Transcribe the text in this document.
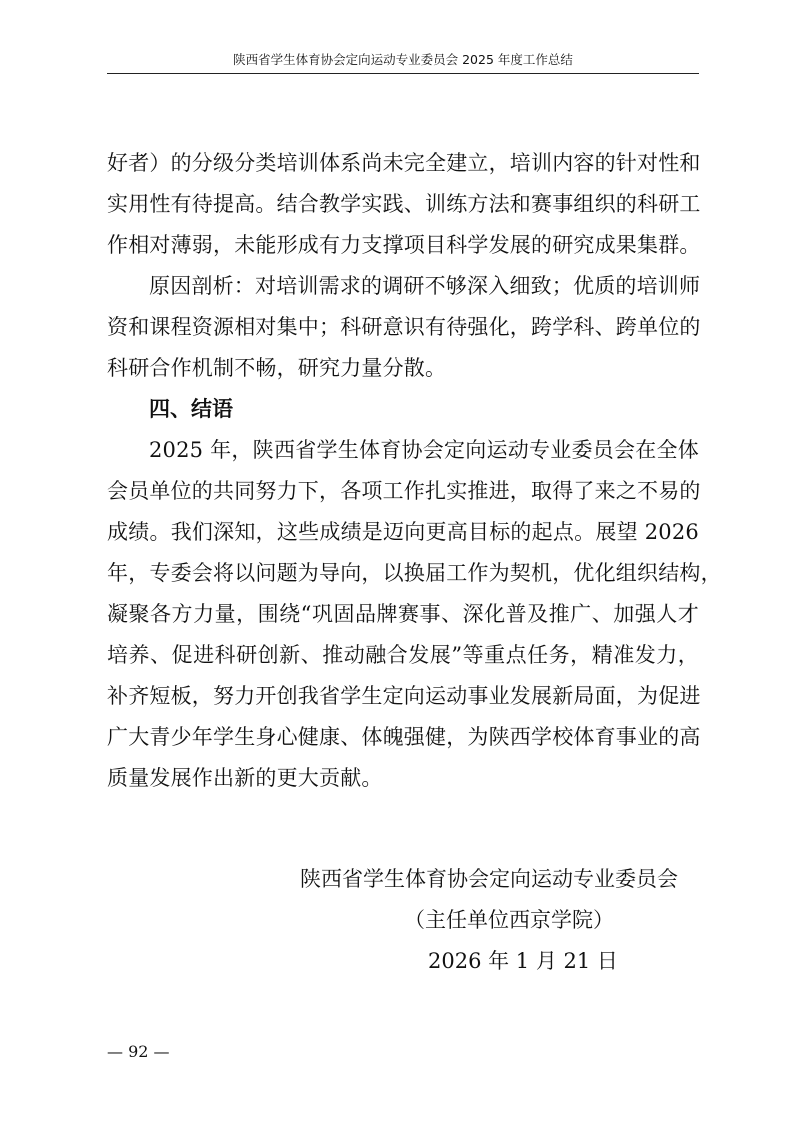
陕西省学生体育协会定向运动专业委员会 2025 年度工作总结
好者）的分级分类培训体系尚未完全建立，培训内容的针对性和
实用性有待提高。结合教学实践、训练方法和赛事组织的科研工
作相对薄弱，未能形成有力支撑项目科学发展的研究成果集群。
原因剖析：对培训需求的调研不够深入细致；优质的培训师
资和课程资源相对集中；科研意识有待强化，跨学科、跨单位的
科研合作机制不畅，研究力量分散。
四、结语
2025 年，陕西省学生体育协会定向运动专业委员会在全体
会员单位的共同努力下，各项工作扎实推进，取得了来之不易的
成绩。我们深知，这些成绩是迈向更高目标的起点。展望 2026
年，专委会将以问题为导向，以换届工作为契机，优化组织结构，
凝聚各方力量，围绕“巩固品牌赛事、深化普及推广、加强人才
培养、促进科研创新、推动融合发展”等重点任务，精准发力，
补齐短板，努力开创我省学生定向运动事业发展新局面，为促进
广大青少年学生身心健康、体魄强健，为陕西学校体育事业的高
质量发展作出新的更大贡献。
陕西省学生体育协会定向运动专业委员会
（主任单位西京学院）
2026 年 1 月 21 日
— 92 —
